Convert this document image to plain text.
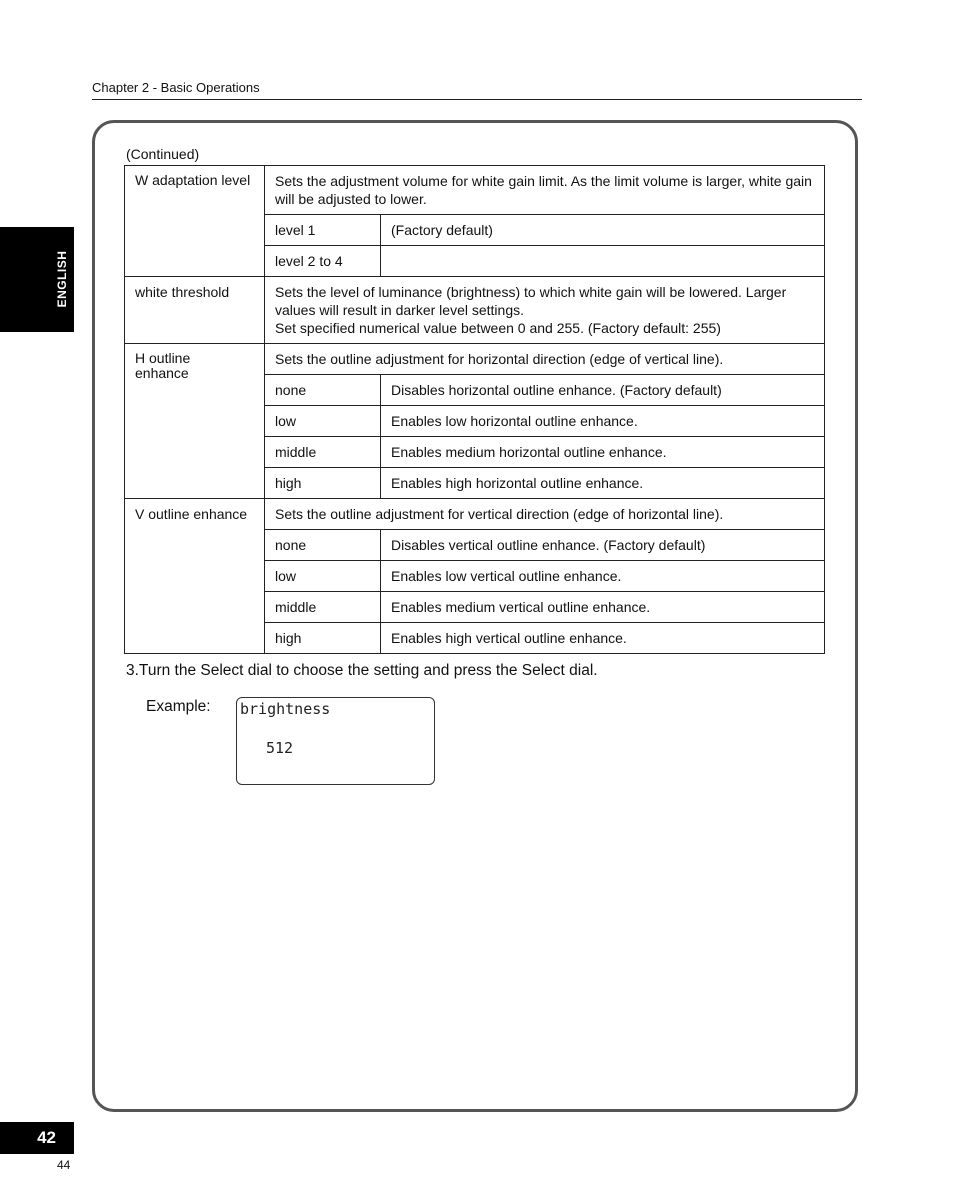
Chapter 2 - Basic Operations
ENGLISH
(Continued)
W adaptation level	Sets the adjustment volume for white gain limit. As the limit volume is larger, white gain will be adjusted to lower.	
	level 1	(Factory default)
	level 2 to 4	
white threshold	Sets the level of luminance (brightness) to which white gain will be lowered. Larger values will result in darker level settings.
Set specified numerical value between 0 and 255. (Factory default: 255)	

H outline enhance	Sets the outline adjustment for horizontal direction (edge of vertical line).	
	none	Disables horizontal outline enhance. (Factory default)
	low	Enables low horizontal outline enhance.
	middle	Enables medium horizontal outline enhance.
	high	Enables high horizontal outline enhance.
V outline enhance	Sets the outline adjustment for vertical direction (edge of horizontal line).	
	none	Disables vertical outline enhance. (Factory default)
	low	Enables low vertical outline enhance.
	middle	Enables medium vertical outline enhance.
	high	Enables high vertical outline enhance.
3.Turn the Select dial to choose the setting and press the Select dial.
Example: brightness
512
42
44
